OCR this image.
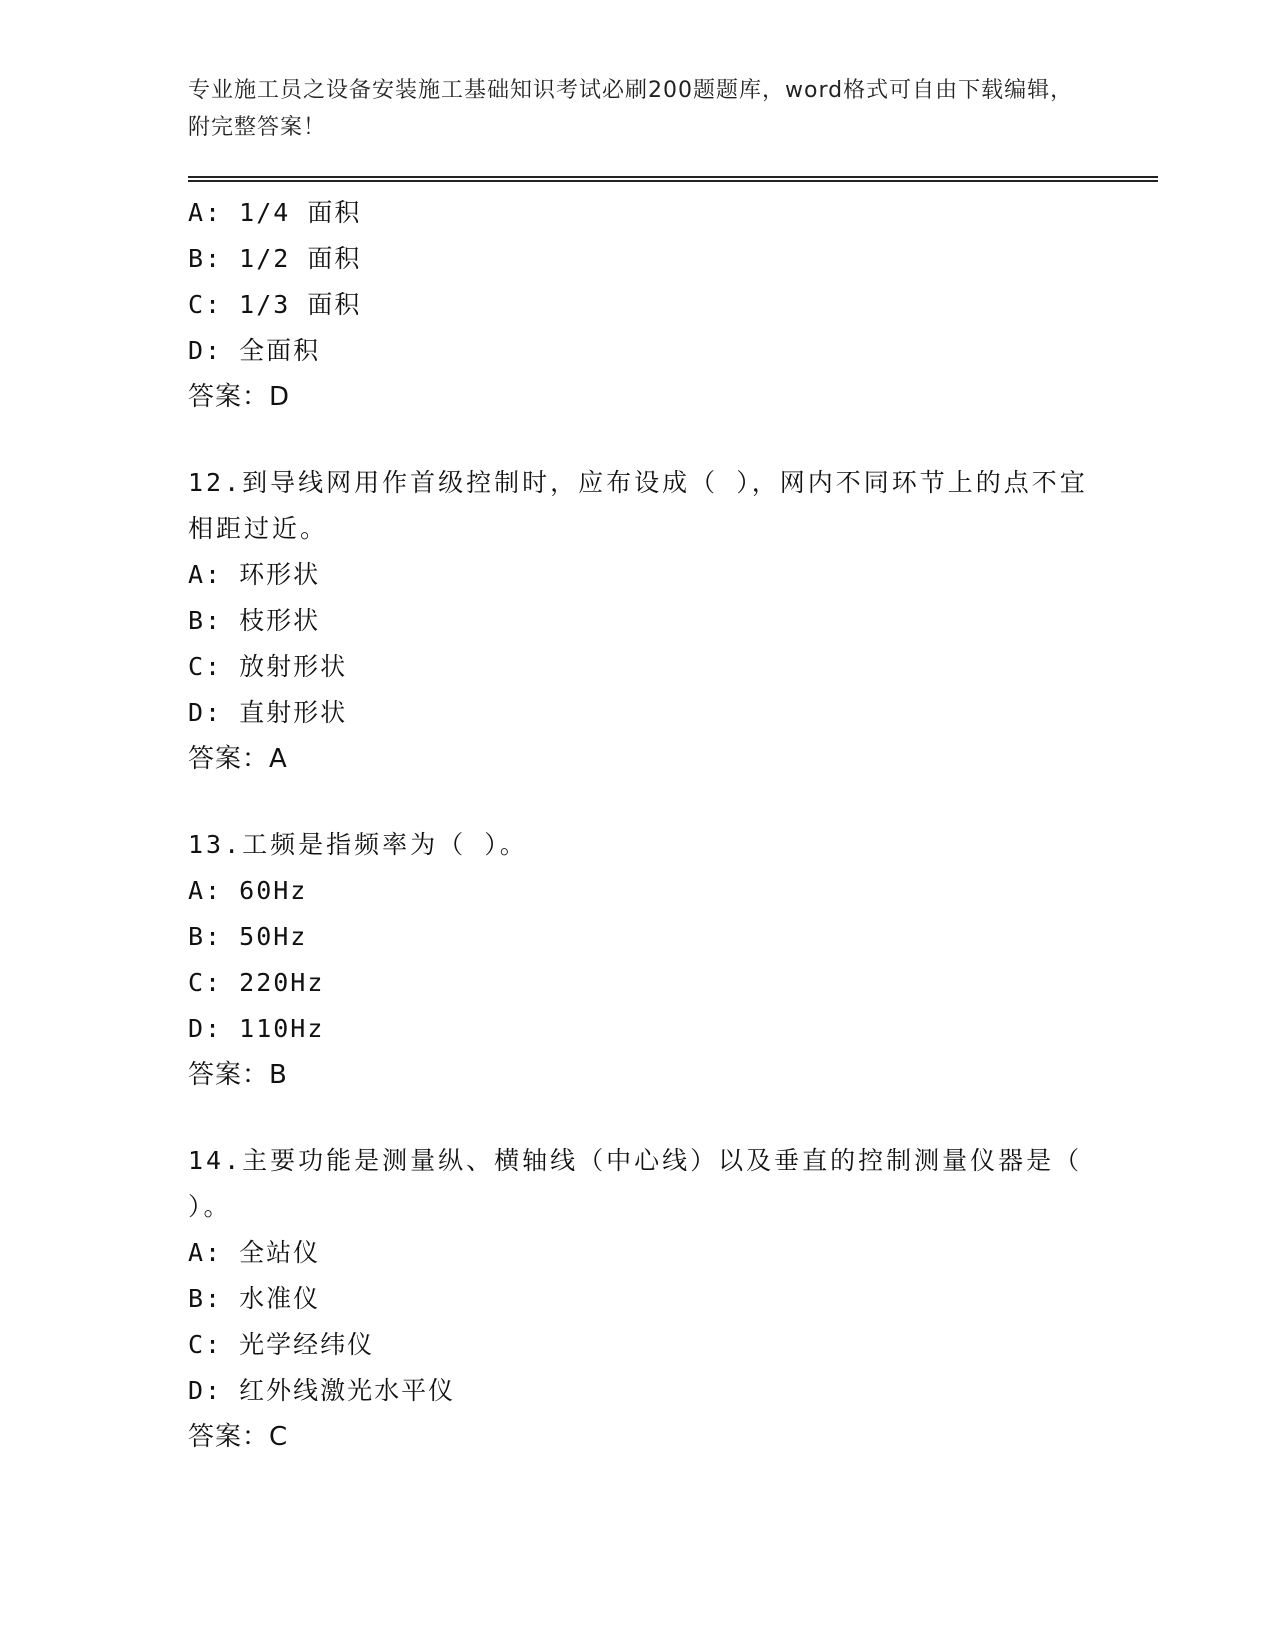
专业施工员之设备安装施工基础知识考试必刷200题题库，word格式可自由下载编辑，附完整答案！
A: 1/4 面积
B: 1/2 面积
C: 1/3 面积
D: 全面积
答案：D
12.到导线网用作首级控制时，应布设成（ ），网内不同环节上的点不宜相距过近。
A: 环形状
B: 枝形状
C: 放射形状
D: 直射形状
答案：A
13.工频是指频率为（ ）。
A: 60Hz
B: 50Hz
C: 220Hz
D: 110Hz
答案：B
14.主要功能是测量纵、横轴线（中心线）以及垂直的控制测量仪器是（ ）。
A: 全站仪
B: 水准仪
C: 光学经纬仪
D: 红外线激光水平仪
答案：C
